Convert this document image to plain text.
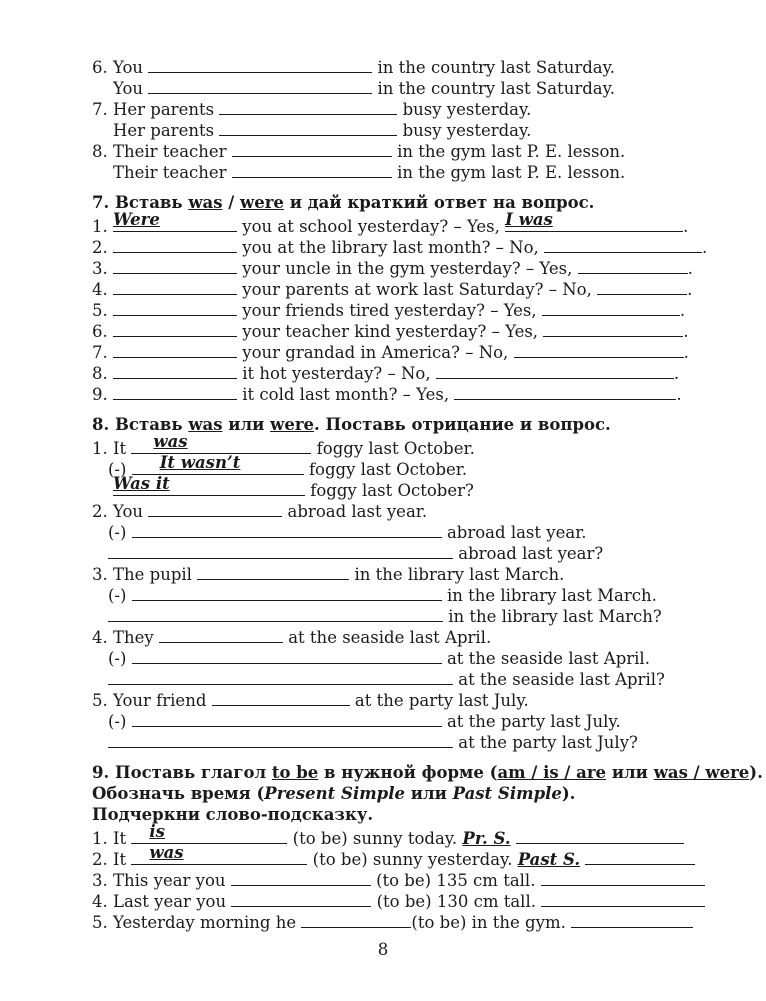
6. You	in the country last Saturday.
You	in the country last Saturday.
7. Her parents	busy yesterday.
Her parents	busy yesterday.
8. Their teacher	in the gym last P. E. lesson.
Their teacher	in the gym last P. E. lesson.
7. Вставь was / were и дай краткий ответ на вопрос.
1. Were	you at school yesterday? – Yes, I was	.
2.	you at the library last month? – No,	.
3.	your uncle in the gym yesterday? – Yes,	.
4.	your parents at work last Saturday? – No,	.
5.	your friends tired yesterday? – Yes,	.
6.	your teacher kind yesterday? – Yes,	.
7.	your grandad in America? – No,	.
8.	it hot yesterday? – No,	.
9.	it cold last month? – Yes,	.
8. Вставь was или were. Поставь отрицание и вопрос.
1. It was	foggy last October.
(-) It wasn’t	foggy last October.
Was it	foggy last October?
2. You	abroad last year.
(-)	abroad last year.
abroad last year?
3. The pupil	in the library last March.
(-)	in the library last March.
in the library last March?
4. They	at the seaside last April.
(-)	at the seaside last April.
at the seaside last April?
5. Your friend	at the party last July.
(-)	at the party last July.
at the party last July?
9. Поставь глагол to be в нужной форме (am / is / are или was / were).
Обозначь время (Present Simple или Past Simple).
Подчеркни слово-подсказку.
1. It is	(to be) sunny today. Pr. S.
2. It was	(to be) sunny yesterday. Past S.
3. This year you	(to be) 135 cm tall.
4. Last year you	(to be) 130 cm tall.
5. Yesterday morning he	(to be) in the gym.
8
